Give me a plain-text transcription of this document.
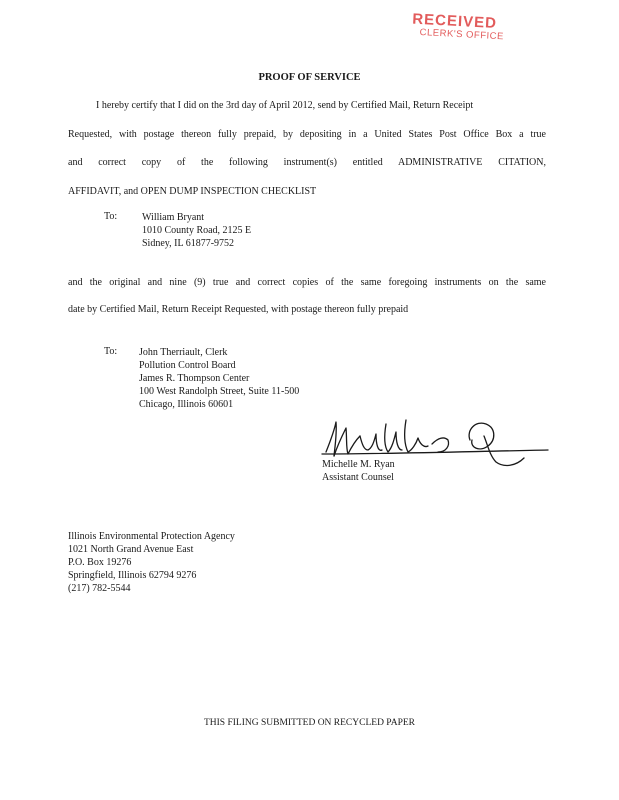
RECEIVED
CLERK'S OFFICE
PROOF OF SERVICE
I hereby certify that I did on the 3rd day of April 2012, send by Certified Mail, Return Receipt
Requested, with postage thereon fully prepaid, by depositing in a United States Post Office Box a true
and correct copy of the following instrument(s) entitled ADMINISTRATIVE CITATION,
AFFIDAVIT, and OPEN DUMP INSPECTION CHECKLIST
To: William Bryant
1010 County Road, 2125 E
Sidney, IL 61877-9752
and the original and nine (9) true and correct copies of the same foregoing instruments on the same
date by Certified Mail, Return Receipt Requested, with postage thereon fully prepaid
To: John Therriault, Clerk
Pollution Control Board
James R. Thompson Center
100 West Randolph Street, Suite 11-500
Chicago, Illinois 60601
Michelle M. Ryan
Assistant Counsel
Illinois Environmental Protection Agency
1021 North Grand Avenue East
P.O. Box 19276
Springfield, Illinois 62794 9276
(217) 782-5544
THIS FILING SUBMITTED ON RECYCLED PAPER
